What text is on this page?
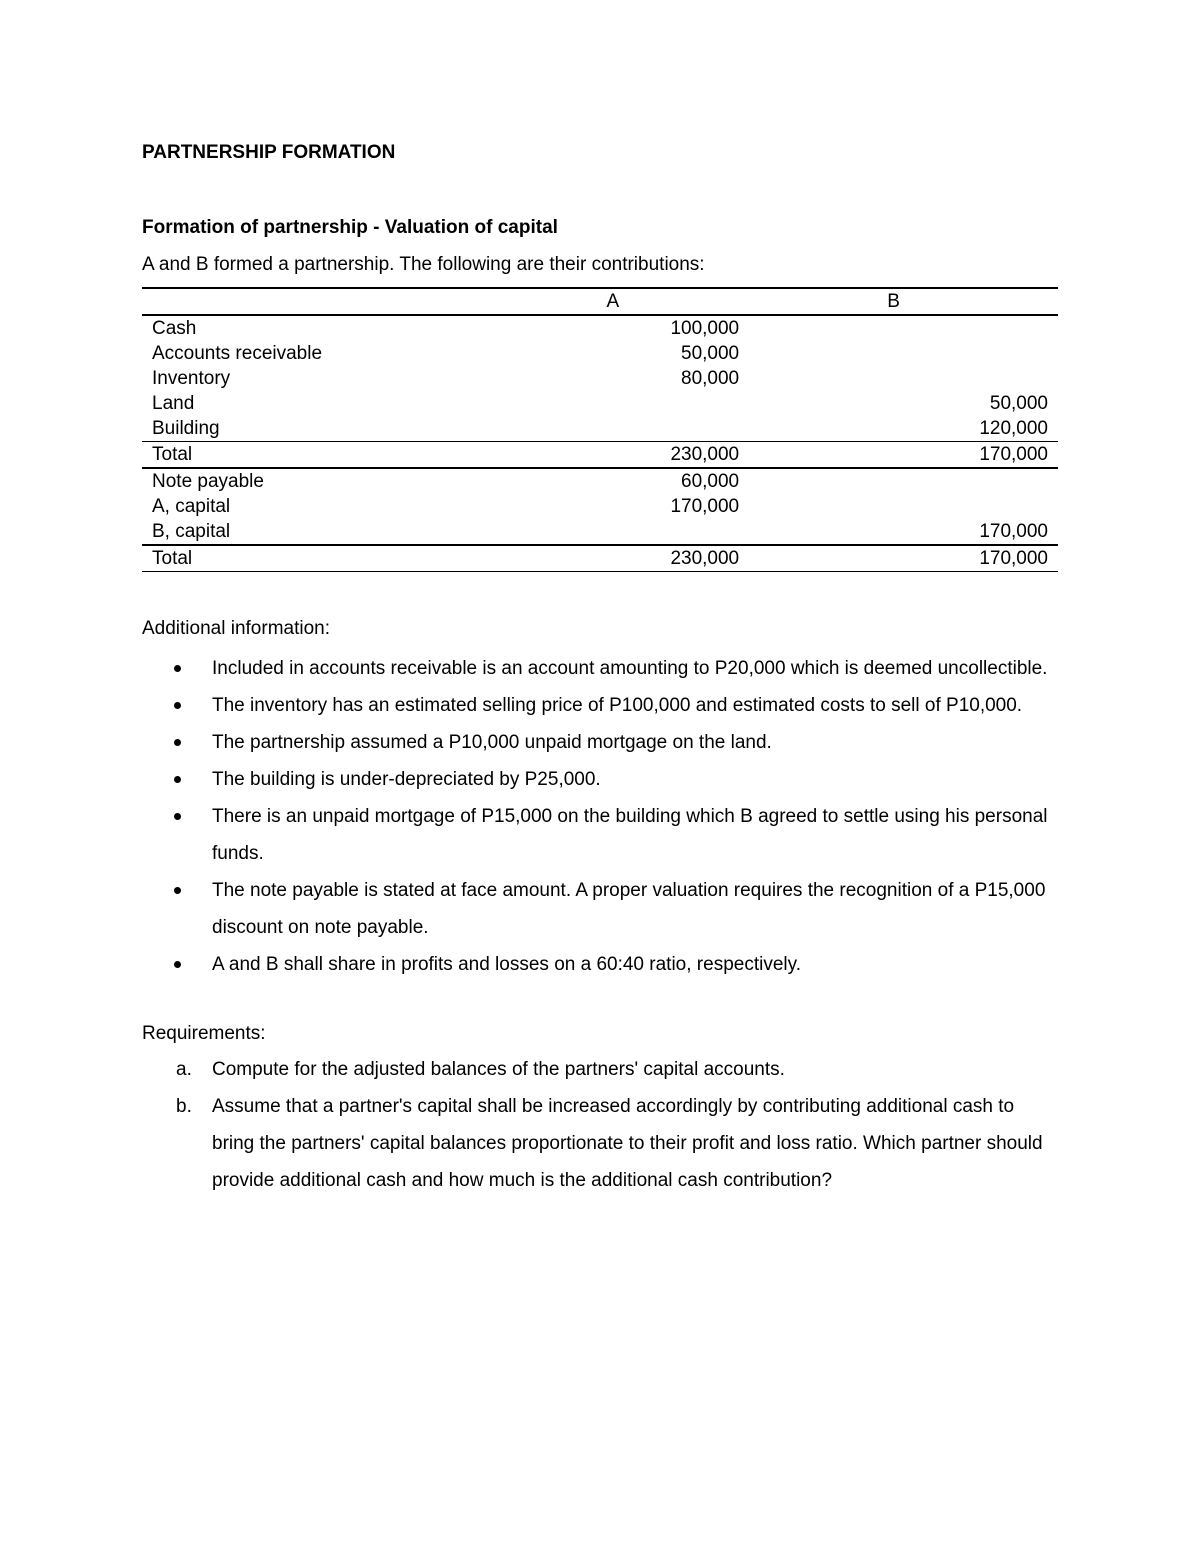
PARTNERSHIP FORMATION
Formation of partnership - Valuation of capital

A and B formed a partnership. The following are their contributions:

	A	B
Cash	100,000	
Accounts receivable	50,000	
Inventory	80,000	
Land		50,000
Building		120,000
Total	230,000	170,000
Note payable	60,000	
A, capital	170,000	
B, capital		170,000
Total	230,000	170,000

Additional information:

Included in accounts receivable is an account amounting to P20,000 which is deemed uncollectible.
The inventory has an estimated selling price of P100,000 and estimated costs to sell of P10,000.
The partnership assumed a P10,000 unpaid mortgage on the land.
The building is under-depreciated by P25,000.
There is an unpaid mortgage of P15,000 on the building which B agreed to settle using his personal funds.
The note payable is stated at face amount. A proper valuation requires the recognition of a P15,000 discount on note payable.
A and B shall share in profits and losses on a 60:40 ratio, respectively.

Requirements:

a. Compute for the adjusted balances of the partners' capital accounts.
b. Assume that a partner's capital shall be increased accordingly by contributing additional cash to bring the partners' capital balances proportionate to their profit and loss ratio. Which partner should provide additional cash and how much is the additional cash contribution?
